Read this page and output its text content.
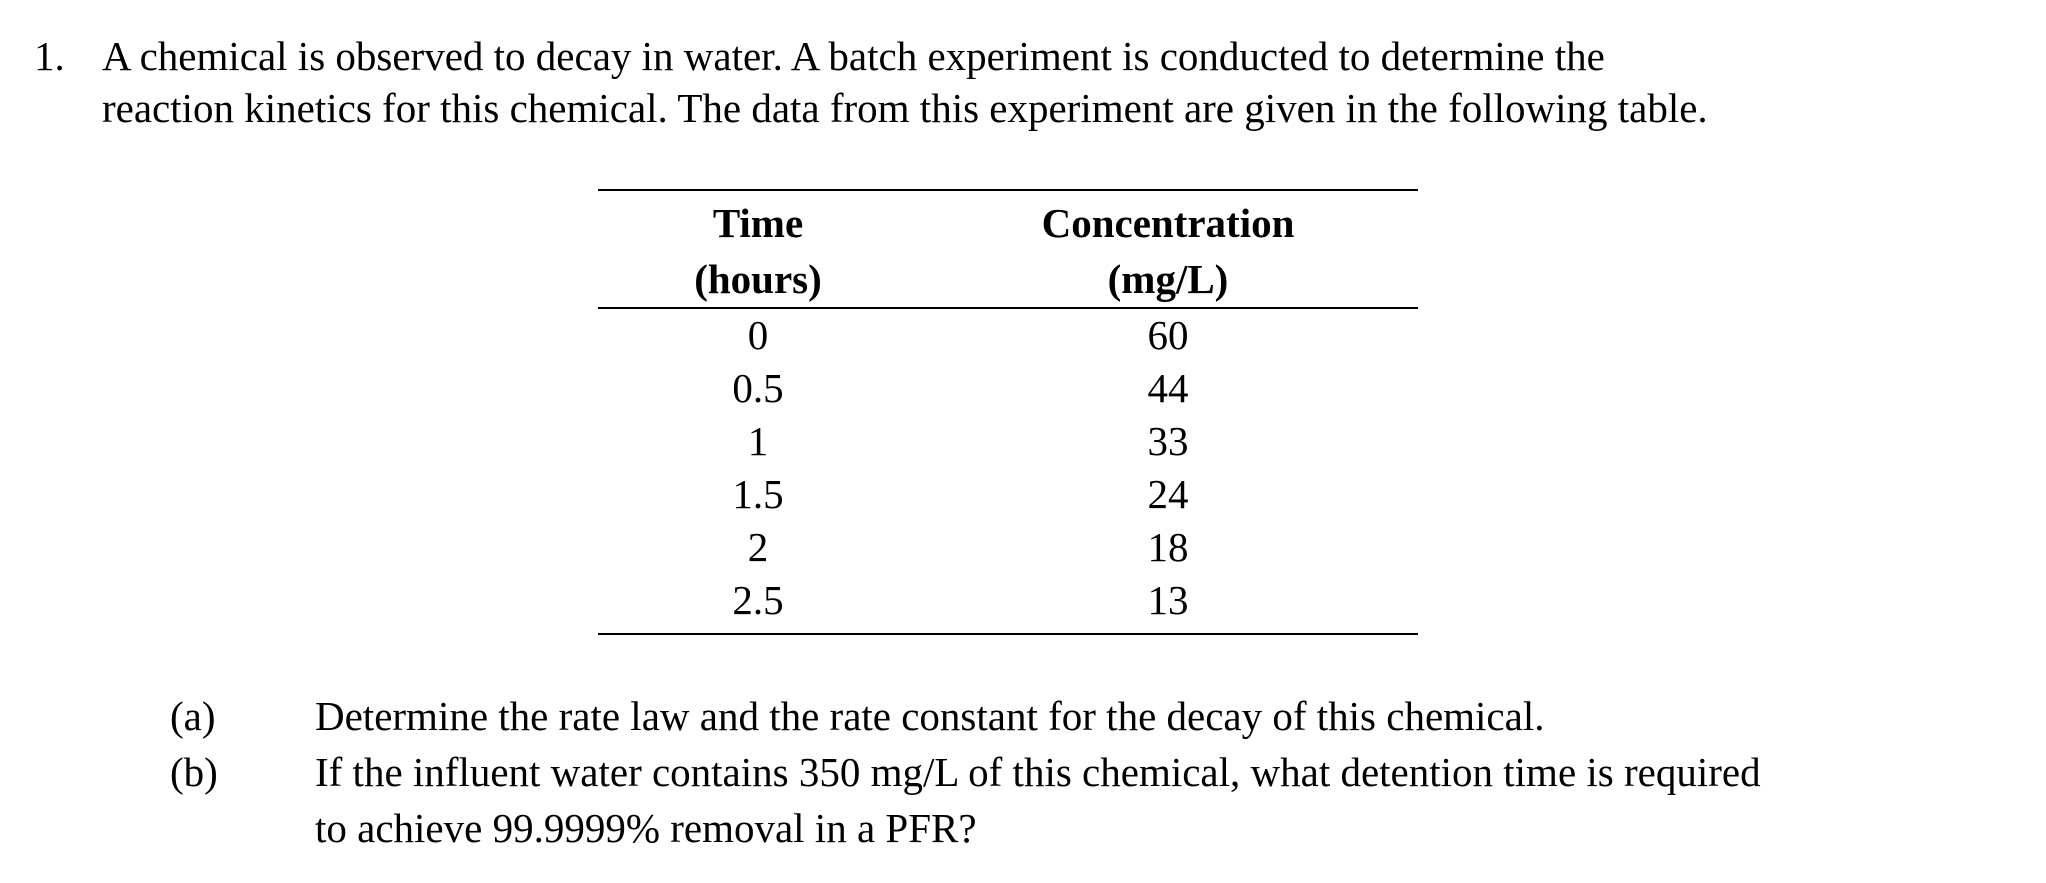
1. A chemical is observed to decay in water. A batch experiment is conducted to determine the
reaction kinetics for this chemical. The data from this experiment are given in the following table.
Time	Concentration
(hours)	(mg/L)
0	60
0.5	44
1	33
1.5	24
2	18
2.5	13
(a) Determine the rate law and the rate constant for the decay of this chemical.
(b) If the influent water contains 350 mg/L of this chemical, what detention time is required
to achieve 99.9999% removal in a PFR?
